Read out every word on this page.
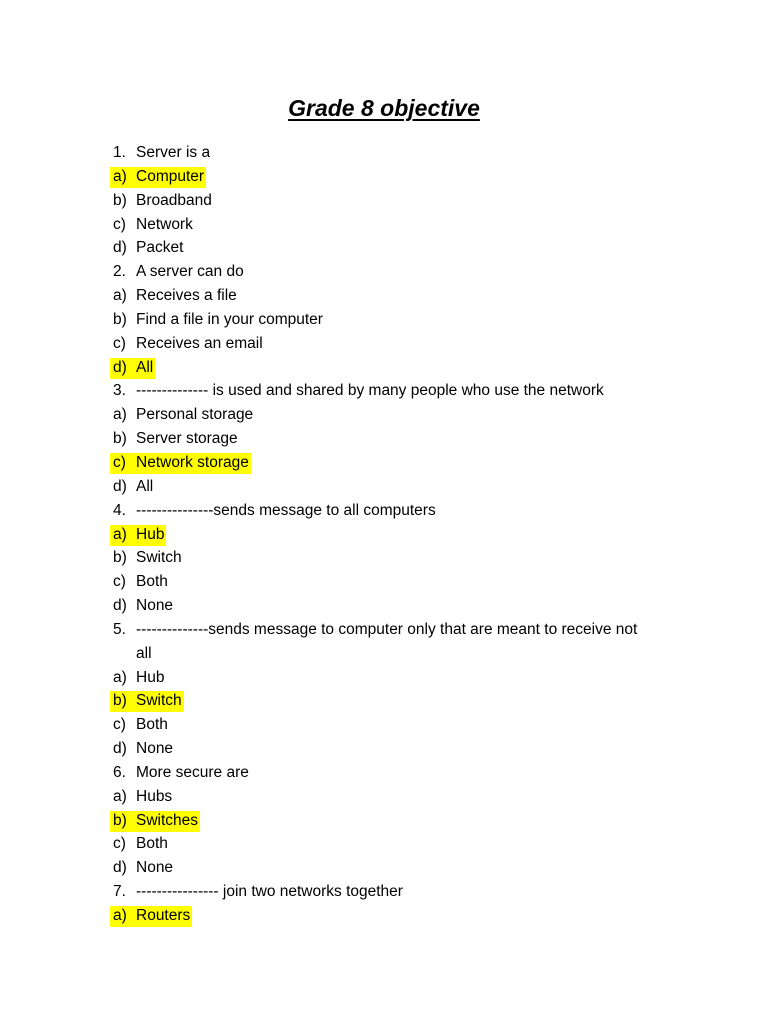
Grade 8 objective
1. Server is a
a) Computer
b) Broadband
c) Network
d) Packet
2. A server can do
a) Receives a file
b) Find a file in your computer
c) Receives an email
d) All
3. -------------- is used and shared by many people who use the network
a) Personal storage
b) Server storage
c) Network storage
d) All
4. ---------------sends message to all computers
a) Hub
b) Switch
c) Both
d) None
5. --------------sends message to computer only that are meant to receive not
all
a) Hub
b) Switch
c) Both
d) None
6. More secure are
a) Hubs
b) Switches
c) Both
d) None
7. ---------------- join two networks together
a) Routers
